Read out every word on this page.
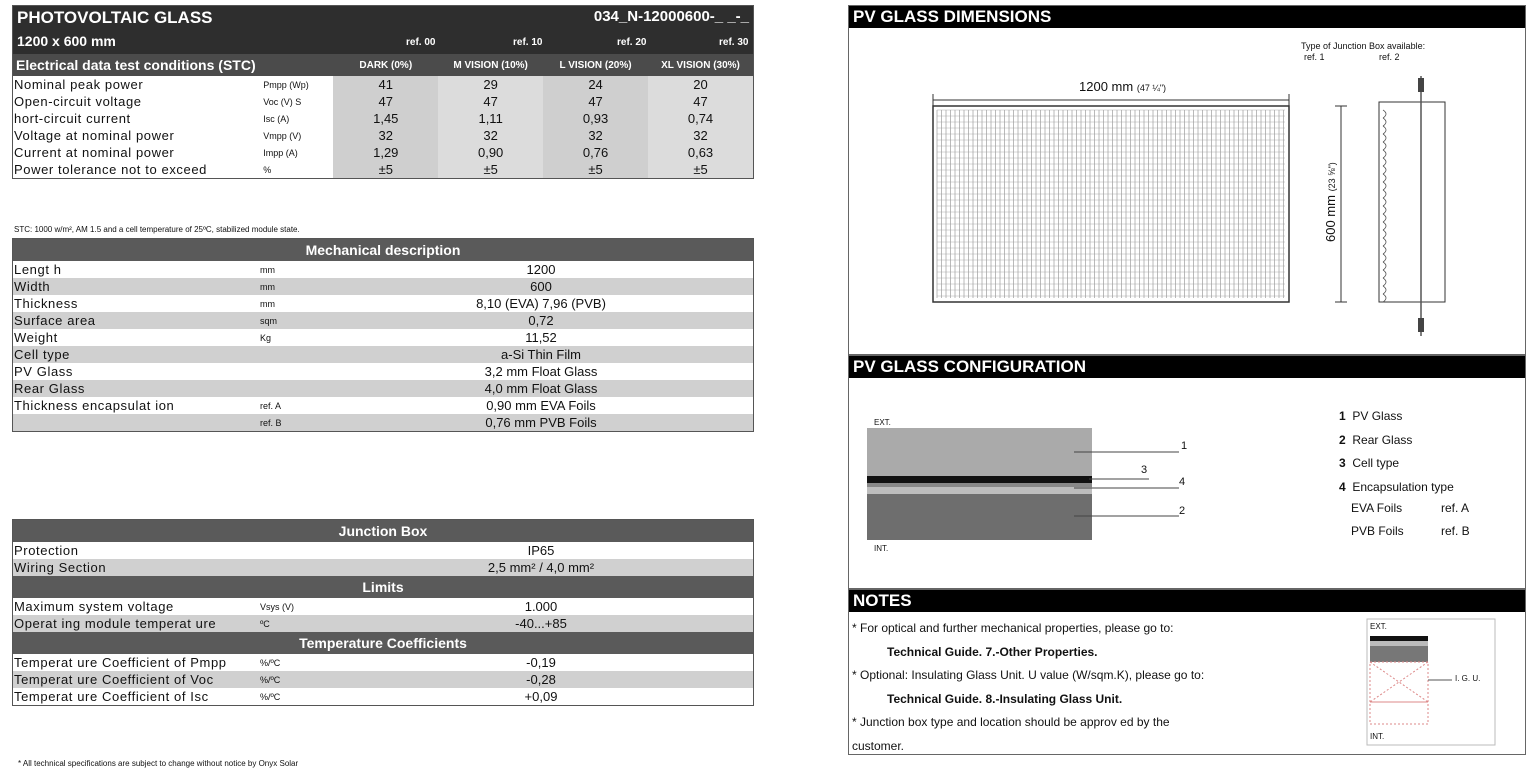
PHOTOVOLTAIC GLASS	034_N-12000600-_ _-_
1200 x 600 mm	ref. 00	ref. 10	ref. 20	ref. 30
Electrical data test conditions (STC)		DARK (0%)	M VISION (10%)	L VISION (20%)	XL VISION (30%)
Nominal peak power	Pmpp (Wp)	41	29	24	20
Open-circuit voltage	Voc (V) S	47	47	47	47
hort-circuit current	Isc (A)	1,45	1,11	0,93	0,74
Voltage at nominal power	Vmpp (V)	32	32	32	32
Current at nominal power	Impp (A)	1,29	0,90	0,76	0,63
Power tolerance not to exceed	%	±5	±5	±5	±5
STC: 1000 w/m², AM 1.5 and a cell temperature of 25ºC, stabilized module state.
Mechanical description
Lengt h	mm	1200
Width	mm	600
Thickness	mm	8,10 (EVA) 7,96 (PVB)
Surface area	sqm	0,72
Weight	Kg	11,52
Cell type		a-Si Thin Film
PV Glass		3,2 mm Float Glass
Rear Glass		4,0 mm Float Glass
Thickness encapsulat ion	ref. A	0,90 mm EVA Foils
	ref. B	0,76 mm PVB Foils
Junction Box
Protection		IP65
Wiring Section		2,5 mm² / 4,0 mm²
Limits
Maximum system voltage	Vsys (V)	1.000
Operat ing module temperat ure	ºC	-40...+85
Temperature Coefficients
Temperat ure Coefficient of Pmpp	%/ºC	-0,19
Temperat ure Coefficient of Voc	%/ºC	-0,28
Temperat ure Coefficient of Isc	%/ºC	+0,09
* All technical specifications are subject to change without notice by Onyx Solar
PV GLASS DIMENSIONS
Type of Junction Box available:
ref. 1	ref. 2
1200 mm (47 ¼")
600 mm (23 ⅝")
PV GLASS CONFIGURATION
EXT.
INT.
1
3
4
2
1 PV Glass
2 Rear Glass
3 Cell type
4 Encapsulation type
EVA Foils	ref. A
PVB Foils	ref. B
NOTES
* For optical and further mechanical properties, please go to:
Technical Guide. 7.-Other Properties.
* Optional: Insulating Glass Unit. U value (W/sqm.K), please go to:
Technical Guide. 8.-Insulating Glass Unit.
* Junction box type and location should be approv ed by the
customer.
EXT.
I. G. U.
INT.
